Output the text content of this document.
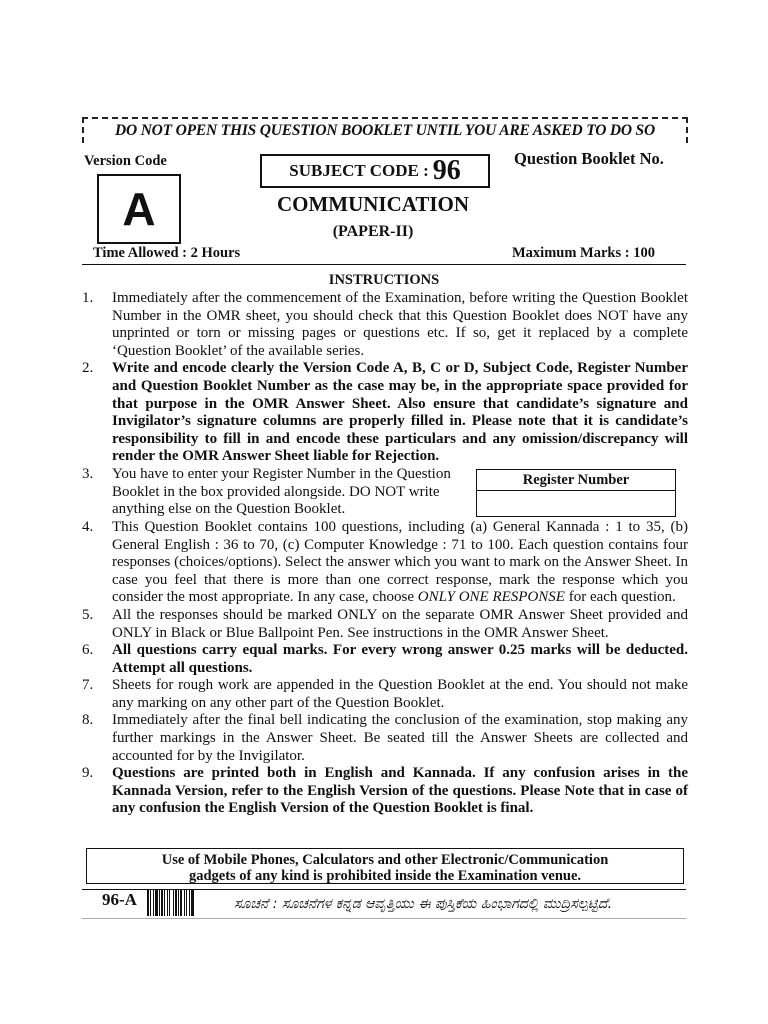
DO NOT OPEN THIS QUESTION BOOKLET UNTIL YOU ARE ASKED TO DO SO
Version Code
A
SUBJECT CODE : 96	Question Booklet No.
COMMUNICATION
(PAPER-II)
Time Allowed : 2 Hours	Maximum Marks : 100
INSTRUCTIONS
1. Immediately after the commencement of the Examination, before writing the Question Booklet Number in the OMR sheet, you should check that this Question Booklet does NOT have any unprinted or torn or missing pages or questions etc. If so, get it replaced by a complete ‘Question Booklet’ of the available series.
2. Write and encode clearly the Version Code A, B, C or D, Subject Code, Register Number and Question Booklet Number as the case may be, in the appropriate space provided for that purpose in the OMR Answer Sheet. Also ensure that candidate’s signature and Invigilator’s signature columns are properly filled in. Please note that it is candidate’s responsibility to fill in and encode these particulars and any omission/discrepancy will render the OMR Answer Sheet liable for Rejection.
3. You have to enter your Register Number in the Question Booklet in the box provided alongside. DO NOT write anything else on the Question Booklet.
4. This Question Booklet contains 100 questions, including (a) General Kannada : 1 to 35, (b) General English : 36 to 70, (c) Computer Knowledge : 71 to 100. Each question contains four responses (choices/options). Select the answer which you want to mark on the Answer Sheet. In case you feel that there is more than one correct response, mark the response which you consider the most appropriate. In any case, choose ONLY ONE RESPONSE for each question.
5. All the responses should be marked ONLY on the separate OMR Answer Sheet provided and ONLY in Black or Blue Ballpoint Pen. See instructions in the OMR Answer Sheet.
6. All questions carry equal marks. For every wrong answer 0.25 marks will be deducted. Attempt all questions.
7. Sheets for rough work are appended in the Question Booklet at the end. You should not make any marking on any other part of the Question Booklet.
8. Immediately after the final bell indicating the conclusion of the examination, stop making any further markings in the Answer Sheet. Be seated till the Answer Sheets are collected and accounted for by the Invigilator.
9. Questions are printed both in English and Kannada. If any confusion arises in the Kannada Version, refer to the English Version of the questions. Please Note that in case of any confusion the English Version of the Question Booklet is final.
Register Number
Use of Mobile Phones, Calculators and other Electronic/Communication
gadgets of any kind is prohibited inside the Examination venue.
96-A	ಸೂಚನೆ : ಸೂಚನೆಗಳ ಕನ್ನಡ ಆವೃತ್ತಿಯು ಈ ಪುಸ್ತಿಕೆಯ ಹಿಂಭಾಗದಲ್ಲಿ ಮುದ್ರಿಸಲ್ಪಟ್ಟಿದೆ.
